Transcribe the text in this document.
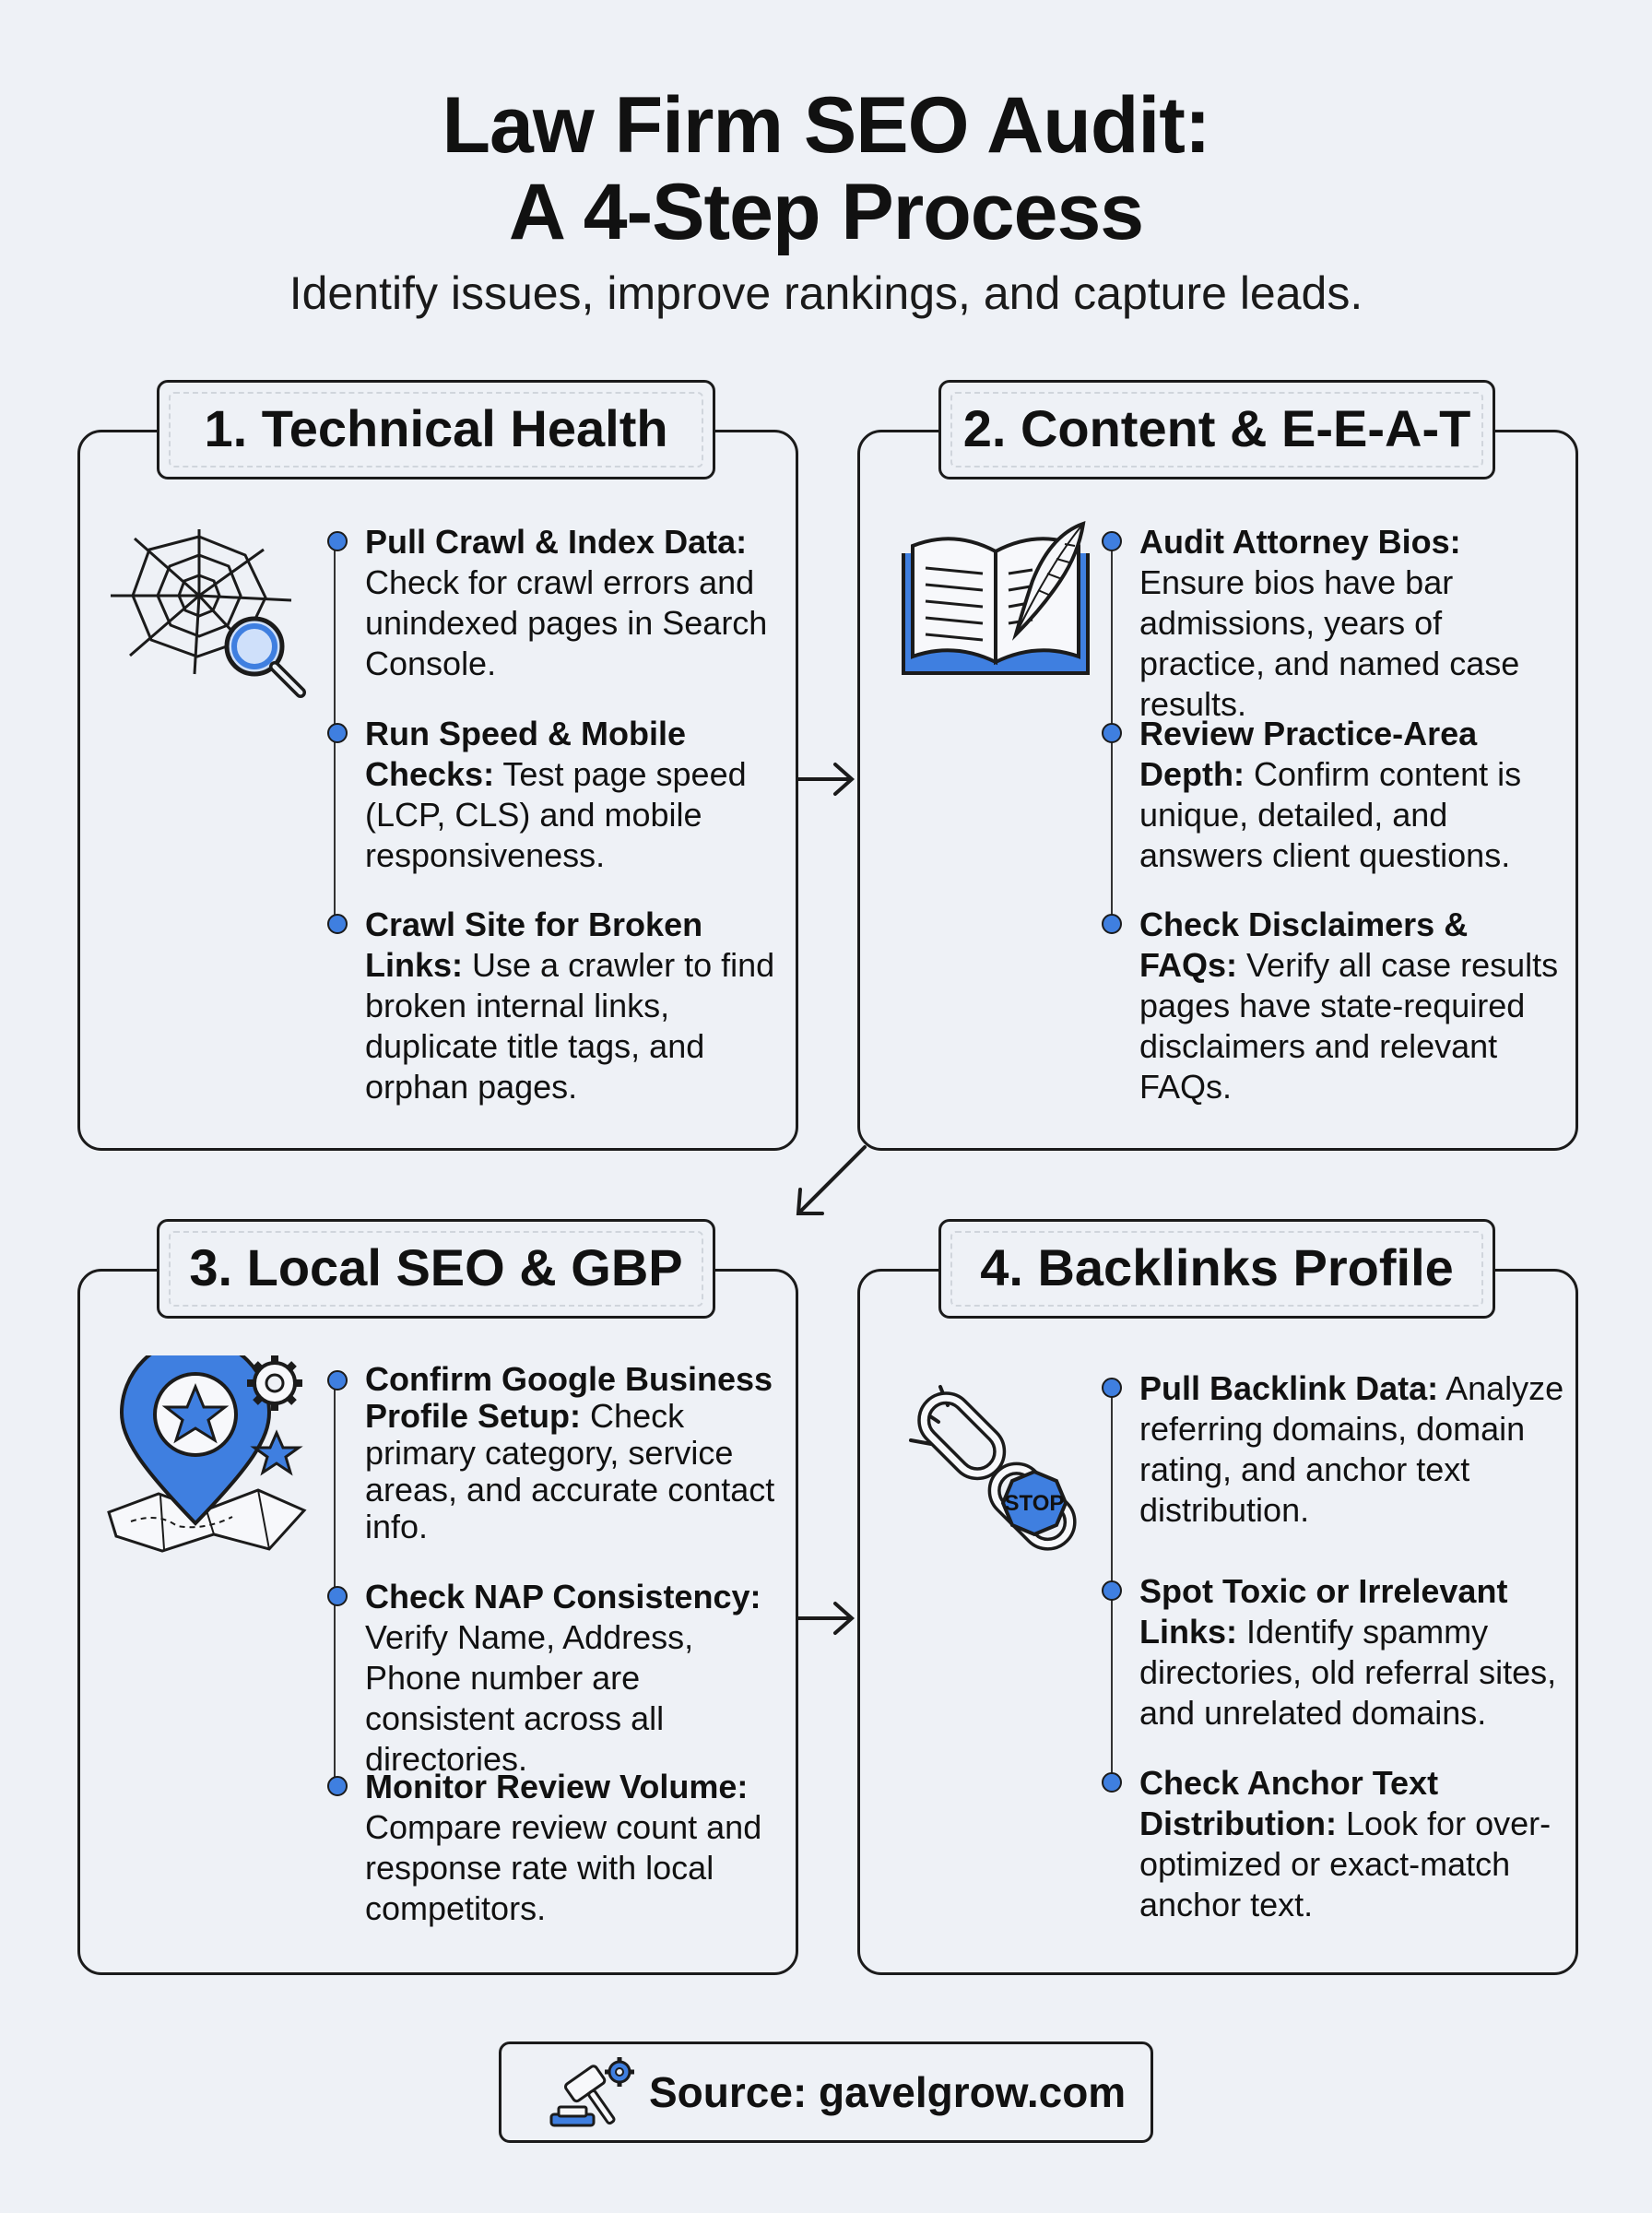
Law Firm SEO Audit:
A 4-Step Process
Identify issues, improve rankings, and capture leads.
1. Technical Health

Pull Crawl & Index Data: Check for crawl errors and unindexed pages in Search Console.

Run Speed & Mobile Checks: Test page speed (LCP, CLS) and mobile responsiveness.

Crawl Site for Broken Links: Use a crawler to find broken internal links, duplicate title tags, and orphan pages.

2. Content & E-E-A-T

Audit Attorney Bios: Ensure bios have bar admissions, years of practice, and named case results.

Review Practice-Area Depth: Confirm content is unique, detailed, and answers client questions.

Check Disclaimers & FAQs: Verify all case results pages have state-required disclaimers and relevant FAQs.

3. Local SEO & GBP

Confirm Google Business Profile Setup: Check primary category, service areas, and accurate contact info.

Check NAP Consistency: Verify Name, Address, Phone number are consistent across all directories.

Monitor Review Volume: Compare review count and response rate with local competitors.

4. Backlinks Profile
STOP

Pull Backlink Data: Analyze referring domains, domain rating, and anchor text distribution.

Spot Toxic or Irrelevant Links: Identify spammy directories, old referral sites, and unrelated domains.

Check Anchor Text Distribution: Look for over-optimized or exact-match anchor text.

Source: gavelgrow.com
